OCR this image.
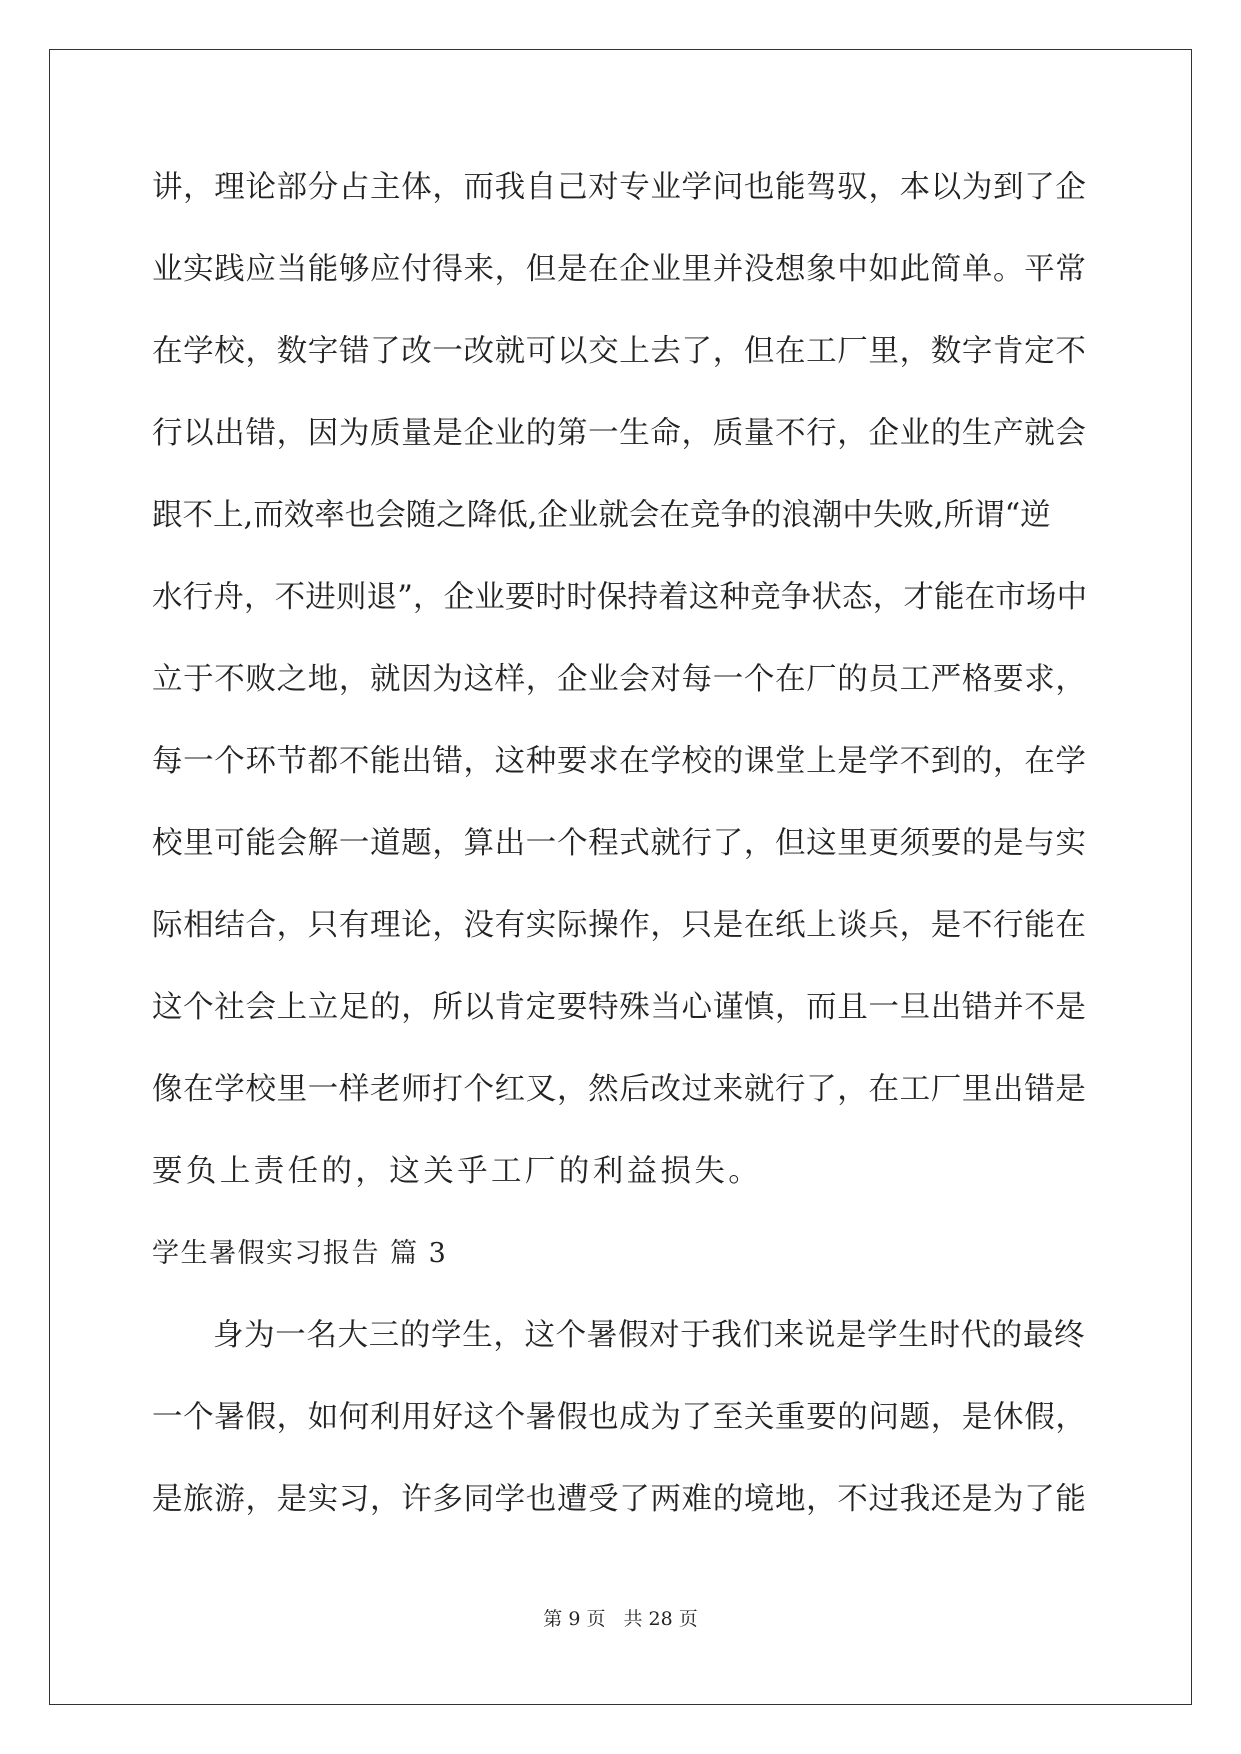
讲，理论部分占主体，而我自己对专业学问也能驾驭，本以为到了企
业实践应当能够应付得来，但是在企业里并没想象中如此简单。平常
在学校，数字错了改一改就可以交上去了，但在工厂里，数字肯定不
行以出错，因为质量是企业的第一生命，质量不行，企业的生产就会
跟不上,而效率也会随之降低,企业就会在竞争的浪潮中失败,所谓“逆
水行舟，不进则退”，企业要时时保持着这种竞争状态，才能在市场中
立于不败之地，就因为这样，企业会对每一个在厂的员工严格要求，
每一个环节都不能出错，这种要求在学校的课堂上是学不到的，在学
校里可能会解一道题，算出一个程式就行了，但这里更须要的是与实
际相结合，只有理论，没有实际操作，只是在纸上谈兵，是不行能在
这个社会上立足的，所以肯定要特殊当心谨慎，而且一旦出错并不是
像在学校里一样老师打个红叉，然后改过来就行了，在工厂里出错是
要负上责任的，这关乎工厂的利益损失。
学生暑假实习报告 篇 3
身为一名大三的学生，这个暑假对于我们来说是学生时代的最终
一个暑假，如何利用好这个暑假也成为了至关重要的问题，是休假，
是旅游，是实习，许多同学也遭受了两难的境地，不过我还是为了能
第 9 页 共 28 页
